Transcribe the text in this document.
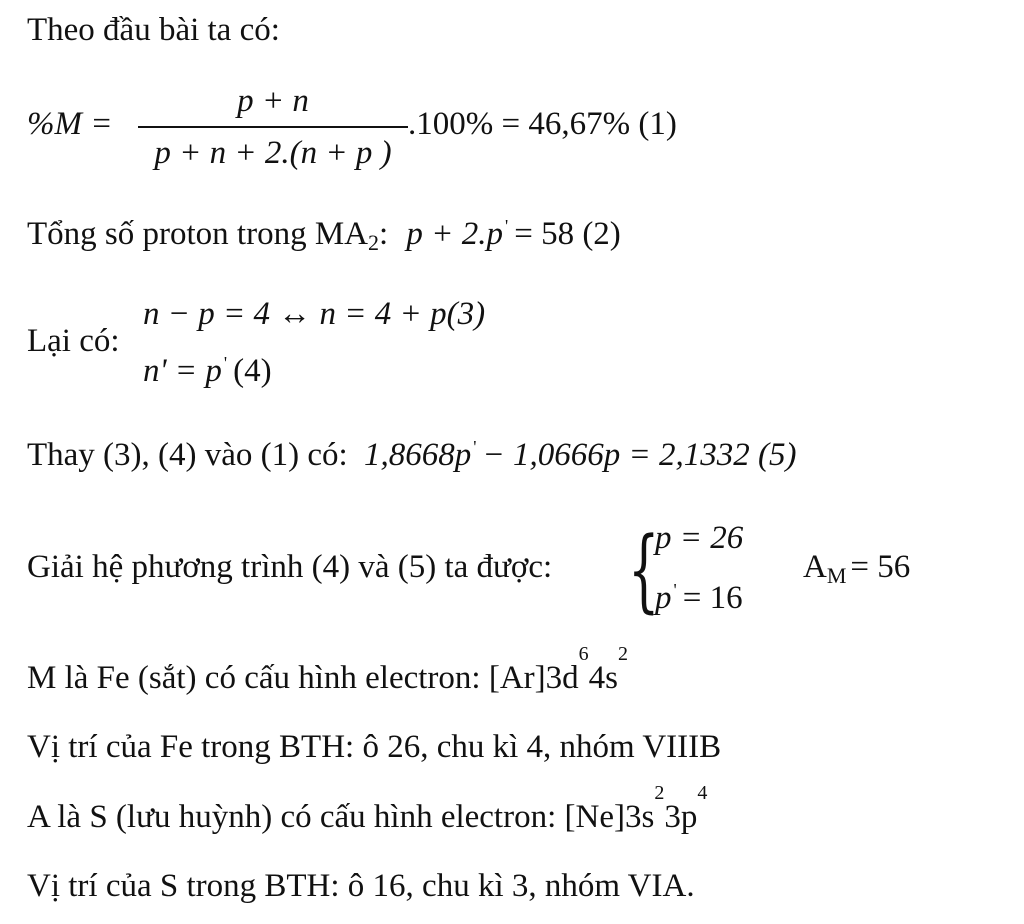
Theo đầu bài ta có:
%M =
p + n
p + n + 2.(n + p )
.100% = 46,67% (1)
Tổng số proton trong $MA_2$: p + 2.p ' = 58 (2)
Lại có:
n − p = 4 ↔ n = 4 + p(3)
n' = p ' (4)
Thay (3), (4) vào (1) có: 1,8668p ' − 1,0666p = 2,1332 (5)
Giải hệ phương trình (4) và (5) ta được: {
p = 26
p ' = 16
$A_M = 56$
M là Fe (sắt) có cấu hình electron: $[Ar]3d^64s^2$
Vị trí của Fe trong BTH: ô 26, chu kì 4, nhóm VIIIB
A là S (lưu huỳnh) có cấu hình electron: $[Ne]3s^23p^4$
Vị trí của S trong BTH: ô 16, chu kì 3, nhóm VIA.
